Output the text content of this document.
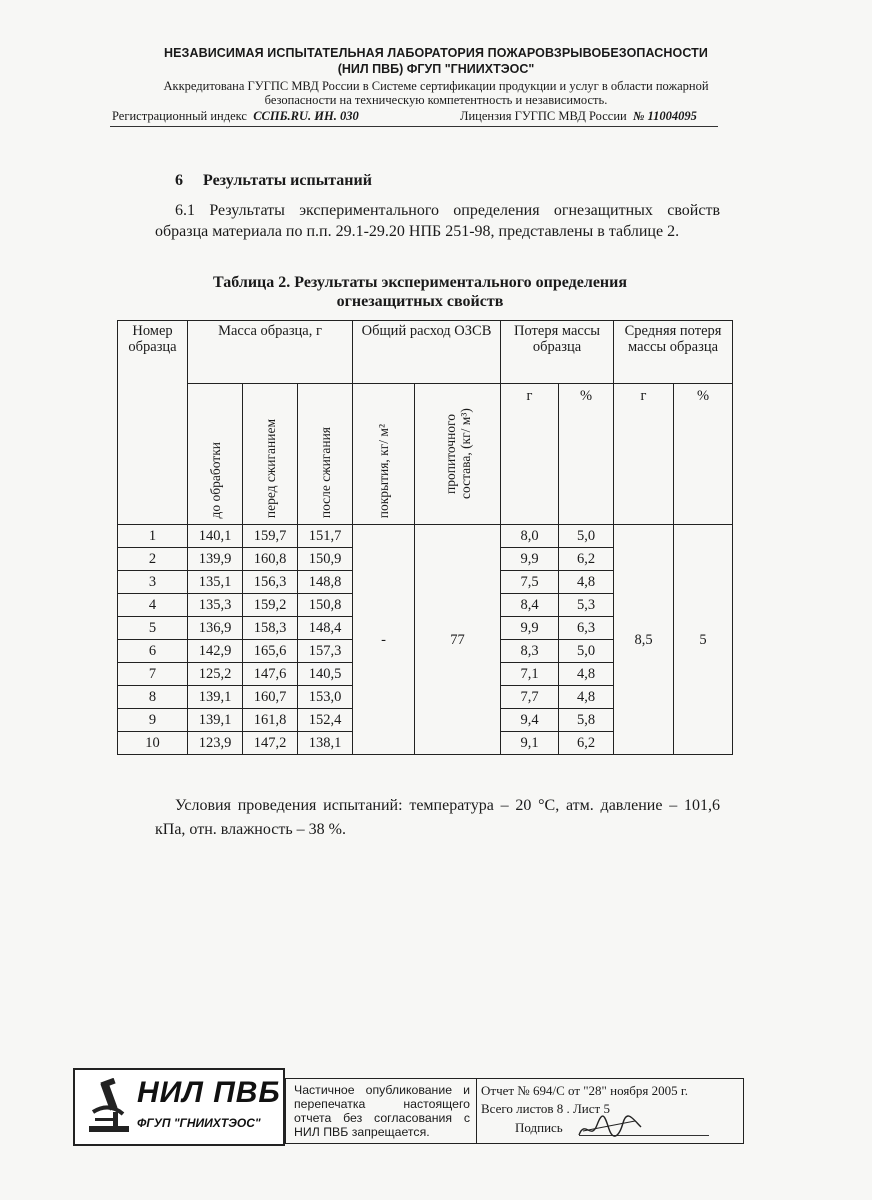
НЕЗАВИСИМАЯ ИСПЫТАТЕЛЬНАЯ ЛАБОРАТОРИЯ ПОЖАРОВЗРЫВОБЕЗОПАСНОСТИ
(НИЛ ПВБ) ФГУП "ГНИИХТЭОС"
Аккредитована ГУГПС МВД России в Системе сертификации продукции и услуг в области пожарной
безопасности на техническую компетентность и независимость.
Регистрационный индекс ССПБ.RU. ИН. 030	Лицензия ГУГПС МВД России № 11004095
6 Результаты испытаний
6.1 Результаты экспериментального определения огнезащитных свойств образца материала по п.п. 29.1-29.20 НПБ 251-98, представлены в таблице 2.
Таблица 2. Результаты экспериментального определения
огнезащитных свойств
Номер образца	Масса образца, г			Общий расход ОЗСВ		Потеря массы образца		Средняя потеря массы образца	

	до обработки	перед сжиганием	после сжигания	покрытия, кг/ м²	пропиточного состава, (кг/ м³)	г	%	г	%

1	140,1	159,7	151,7	-	77	8,0	5,0	8,5	5
2	139,9	160,8	150,9			9,9	6,2		
3	135,1	156,3	148,8			7,5	4,8		
4	135,3	159,2	150,8			8,4	5,3		
5	136,9	158,3	148,4			9,9	6,3		
6	142,9	165,6	157,3			8,3	5,0		
7	125,2	147,6	140,5			7,1	4,8		
8	139,1	160,7	153,0			7,7	4,8		
9	139,1	161,8	152,4			9,4	5,8		
10	123,9	147,2	138,1			9,1	6,2		
Условия проведения испытаний: температура – 20 °С, атм. давление – 101,6 кПа, отн. влажность – 38 %.
НИЛ ПВБ
ФГУП "ГНИИХТЭОС"
Частичное опубликование и перепечатка настоящего отчета без согласования с НИЛ ПВБ запрещается.
Отчет № 694/С от "28" ноября 2005 г.
Всего листов 8 . Лист 5
Подпись
